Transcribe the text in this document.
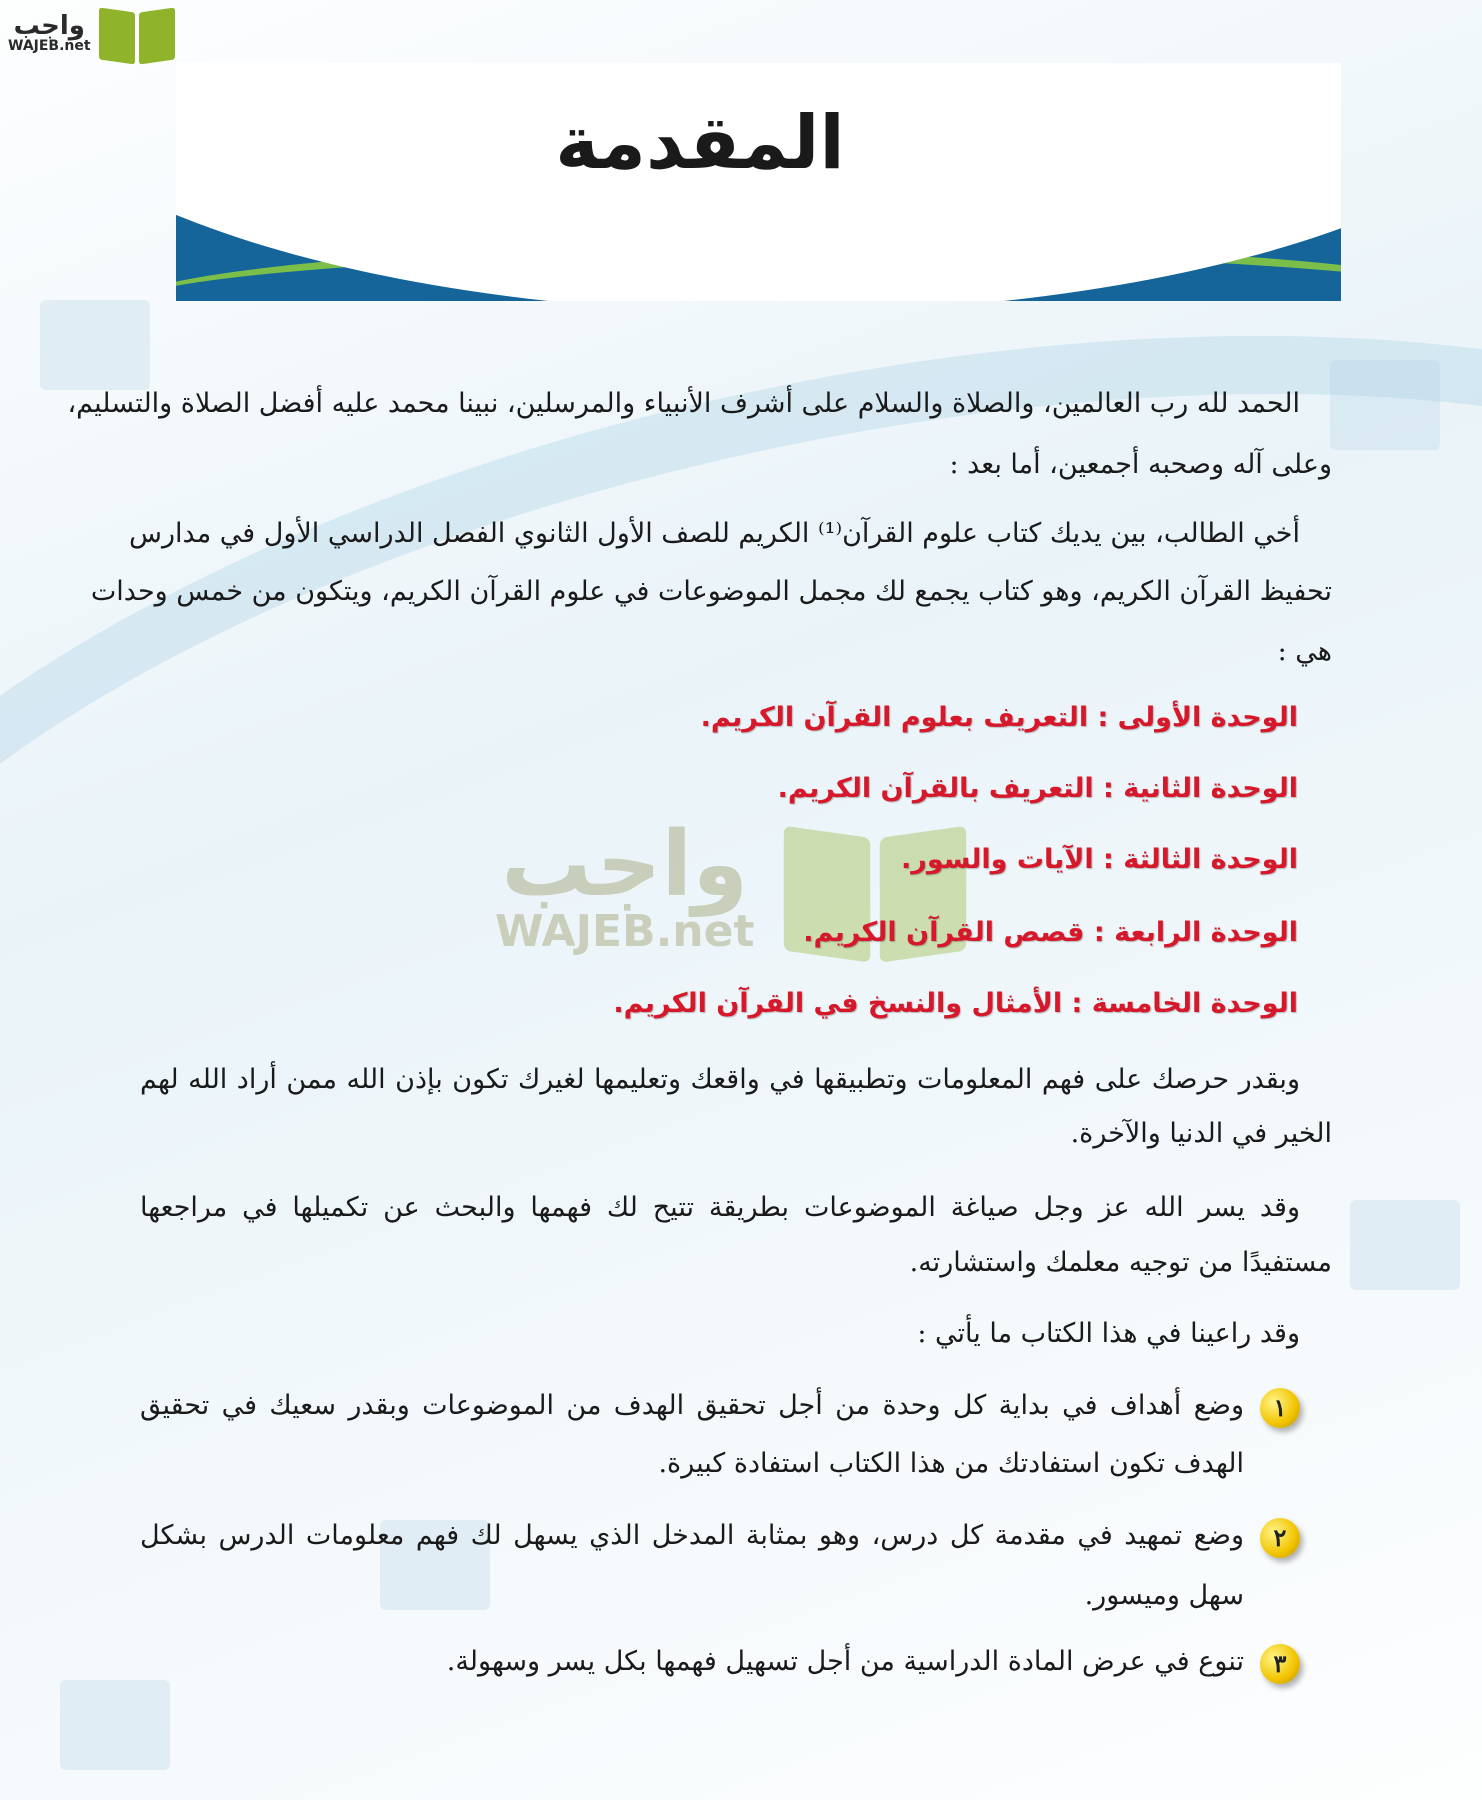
واجب
WAJEB.net
المقدمة
واجب
WAJEB.net
الحمد لله رب العالمين، والصلاة والسلام على أشرف الأنبياء والمرسلين، نبينا محمد عليه أفضل الصلاة والتسليم،
وعلى آله وصحبه أجمعين، أما بعد :
أخي الطالب، بين يديك كتاب علوم القرآن⁽¹⁾ الكريم للصف الأول الثانوي الفصل الدراسي الأول في مدارس
تحفيظ القرآن الكريم، وهو كتاب يجمع لك مجمل الموضوعات في علوم القرآن الكريم، ويتكون من خمس وحدات
هي :
الوحدة الأولى : التعريف بعلوم القرآن الكريم.
الوحدة الثانية : التعريف بالقرآن الكريم.
الوحدة الثالثة : الآيات والسور.
الوحدة الرابعة : قصص القرآن الكريم.
الوحدة الخامسة : الأمثال والنسخ في القرآن الكريم.
وبقدر حرصك على فهم المعلومات وتطبيقها في واقعك وتعليمها لغيرك تكون بإذن الله ممن أراد الله لهم
الخير في الدنيا والآخرة.
وقد يسر الله عز وجل صياغة الموضوعات بطريقة تتيح لك فهمها والبحث عن تكميلها في مراجعها
مستفيدًا من توجيه معلمك واستشارته.
وقد راعينا في هذا الكتاب ما يأتي :
١
وضع أهداف في بداية كل وحدة من أجل تحقيق الهدف من الموضوعات وبقدر سعيك في تحقيق
الهدف تكون استفادتك من هذا الكتاب استفادة كبيرة.
٢
وضع تمهيد في مقدمة كل درس، وهو بمثابة المدخل الذي يسهل لك فهم معلومات الدرس بشكل
سهل وميسور.
٣
تنوع في عرض المادة الدراسية من أجل تسهيل فهمها بكل يسر وسهولة.
